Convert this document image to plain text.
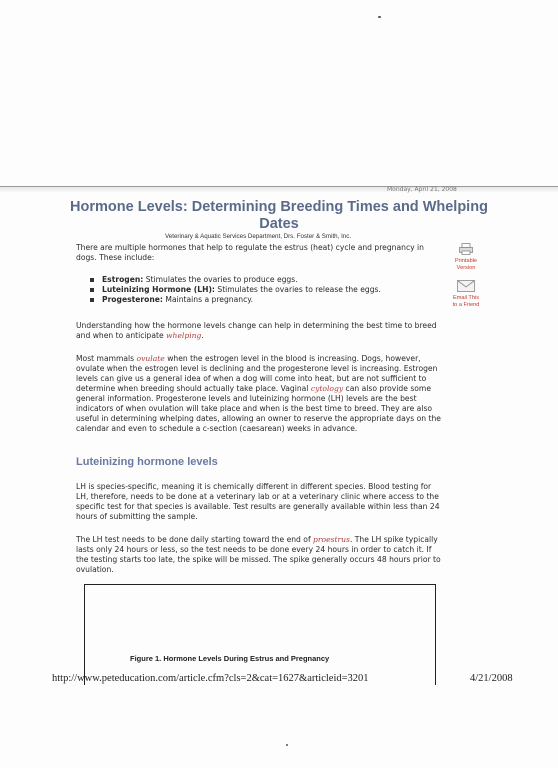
Monday, April 21, 2008
Hormone Levels: Determining Breeding Times and Whelping Dates
Veterinary & Aquatic Services Department, Drs. Foster & Smith, Inc.
There are multiple hormones that help to regulate the estrus (heat) cycle and pregnancy in dogs. These include:
Estrogen: Stimulates the ovaries to produce eggs.
Luteinizing Hormone (LH): Stimulates the ovaries to release the eggs.
Progesterone: Maintains a pregnancy.
Understanding how the hormone levels change can help in determining the best time to breed and when to anticipate whelping.
Most mammals ovulate when the estrogen level in the blood is increasing. Dogs, however, ovulate when the estrogen level is declining and the progesterone level is increasing. Estrogen levels can give us a general idea of when a dog will come into heat, but are not sufficient to determine when breeding should actually take place. Vaginal cytology can also provide some general information. Progesterone levels and luteinizing hormone (LH) levels are the best indicators of when ovulation will take place and when is the best time to breed. They are also useful in determining whelping dates, allowing an owner to reserve the appropriate days on the calendar and even to schedule a c-section (caesarean) weeks in advance.
Luteinizing hormone levels
LH is species-specific, meaning it is chemically different in different species. Blood testing for LH, therefore, needs to be done at a veterinary lab or at a veterinary clinic where access to the specific test for that species is available. Test results are generally available within less than 24 hours of submitting the sample.
The LH test needs to be done daily starting toward the end of proestrus. The LH spike typically lasts only 24 hours or less, so the test needs to be done every 24 hours in order to catch it. If the testing starts too late, the spike will be missed. The spike generally occurs 48 hours prior to ovulation.
Printable
Version
Email This
to a Friend
Figure 1. Hormone Levels During Estrus and Pregnancy
http://www.peteducation.com/article.cfm?cls=2&cat=1627&articleid=3201	4/21/2008
